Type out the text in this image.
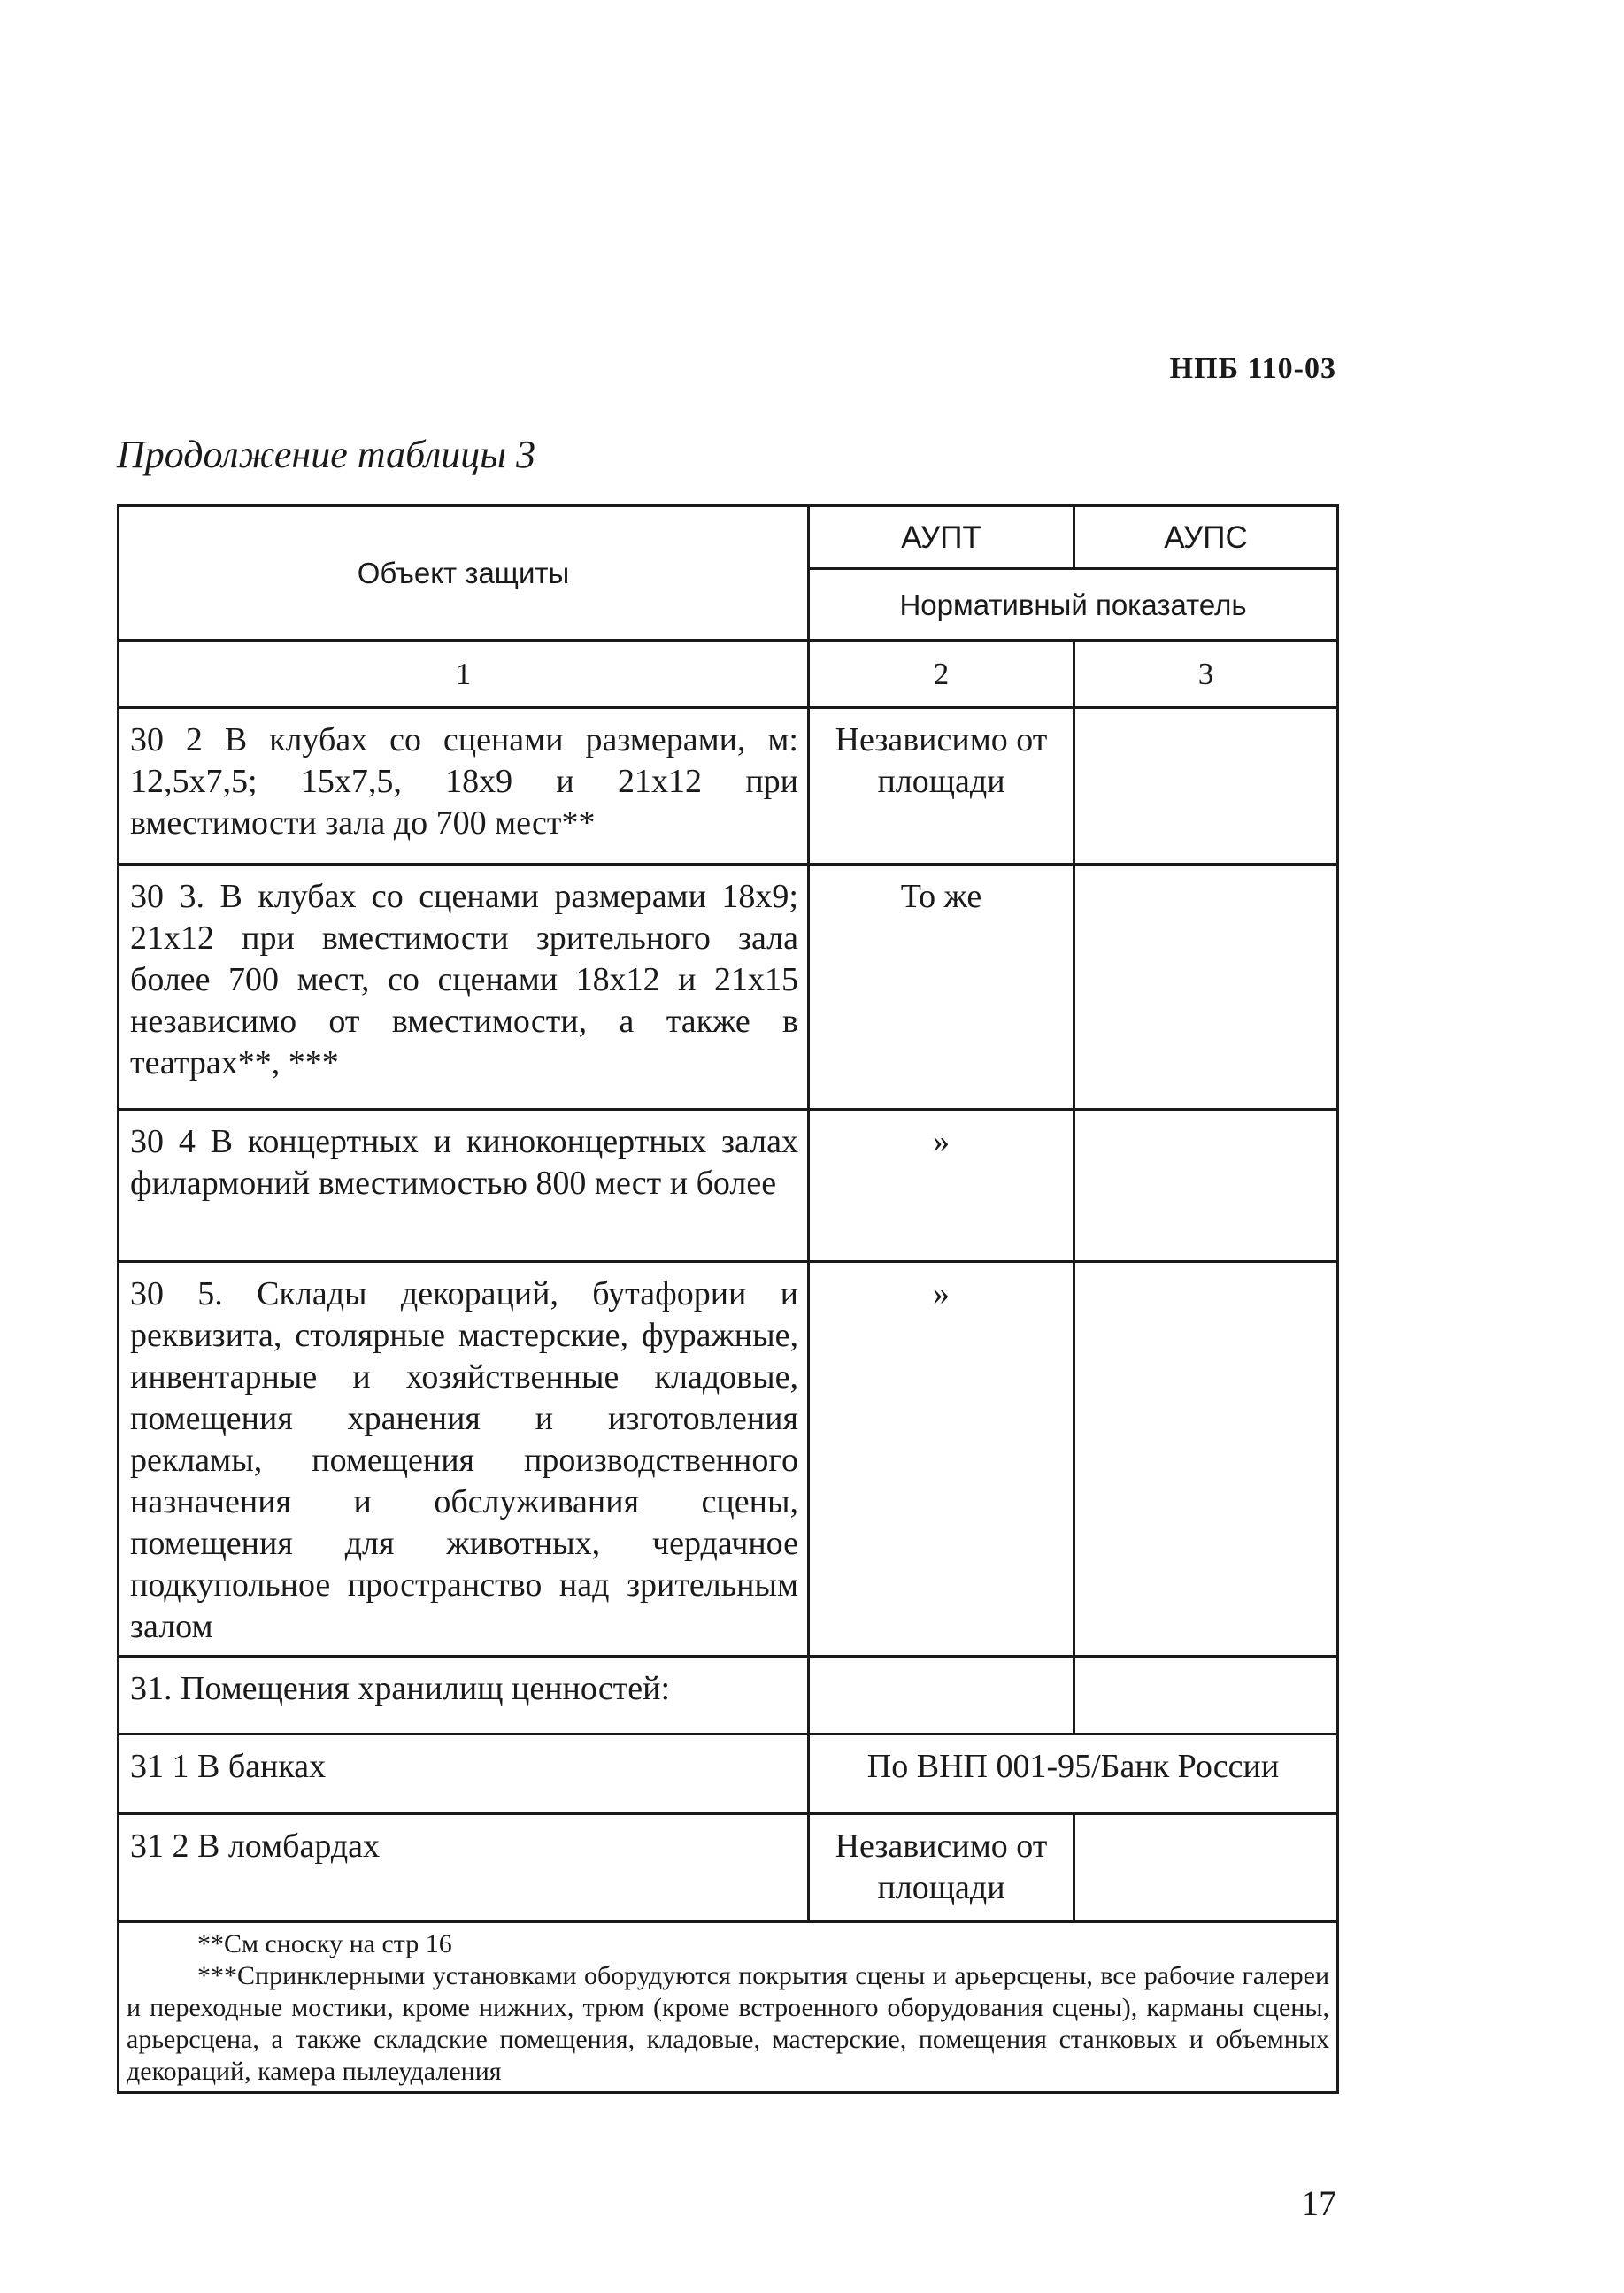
НПБ 110-03
Продолжение таблицы 3
Объект защиты	АУПТ	АУПС
	Нормативный показатель	
1	2	3
30 2 В клубах со сценами размерами, м: 12,5х7,5; 15х7,5, 18х9 и 21х12 при вместимости зала до 700 мест**	Независимо от площади	
30 3. В клубах со сценами размерами 18х9; 21х12 при вместимости зрительного зала более 700 мест, со сценами 18х12 и 21х15 независимо от вместимости, а также в театрах**, ***	То же	
30 4 В концертных и киноконцертных залах филармоний вместимостью 800 мест и более	»	
30 5. Склады декораций, бутафории и реквизита, столярные мастерские, фуражные, инвентарные и хозяйственные кладовые, помещения хранения и изготовления рекламы, помещения производственного назначения и обслуживания сцены, помещения для животных, чердачное подкупольное пространство над зрительным залом	»	
31. Помещения хранилищ ценностей:		
31 1 В банках	По ВНП 001-95/Банк России	
31 2 В ломбардах	Независимо от площади	

**См сноску на стр 16

***Спринклерными установками оборудуются покрытия сцены и арьерсцены, все рабочие галереи и переходные мостики, кроме нижних, трюм (кроме встроенного оборудования сцены), карманы сцены, арьерсцена, а также складские помещения, кладовые, мастерские, помещения станковых и объемных декораций, камера пылеудаления		

17
